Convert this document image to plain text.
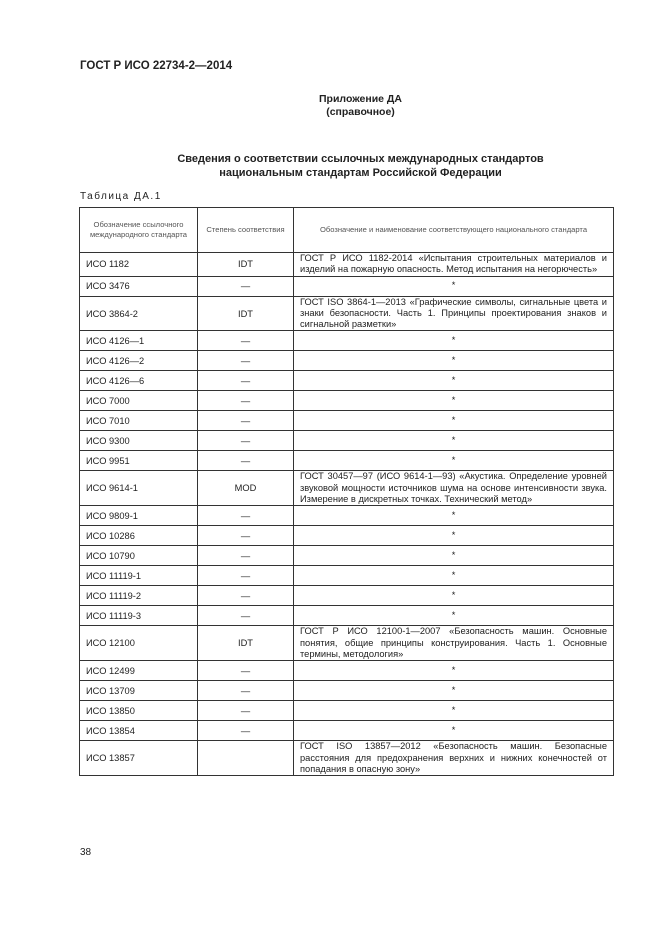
ГОСТ Р ИСО 22734-2—2014
Приложение ДА
(справочное)
Сведения о соответствии ссылочных международных стандартов
национальным стандартам Российской Федерации
Таблица ДА.1
Обозначение ссылочного международного стандарта	Степень соответствия	Обозначение и наименование соответствующего национального стандарта
ИСО 1182	IDT	ГОСТ Р ИСО 1182-2014 «Испытания строительных материалов и изделий на пожарную опасность. Метод испытания на негорючесть»
ИСО 3476	—	*
ИСО 3864-2	IDT	ГОСТ ISO 3864-1—2013 «Графические символы, сигнальные цвета и знаки безопасности. Часть 1. Принципы проектирования знаков и сигнальной разметки»
ИСО 4126—1	—	*
ИСО 4126—2	—	*
ИСО 4126—6	—	*
ИСО 7000	—	*
ИСО 7010	—	*
ИСО 9300	—	*
ИСО 9951	—	*
ИСО 9614-1	MOD	ГОСТ 30457—97 (ИСО 9614-1—93) «Акустика. Определение уровней звуковой мощности источников шума на основе интенсивности звука. Измерение в дискретных точках. Технический метод»
ИСО 9809-1	—	*
ИСО 10286	—	*
ИСО 10790	—	*
ИСО 11119-1	—	*
ИСО 11119-2	—	*
ИСО 11119-3	—	*
ИСО 12100	IDT	ГОСТ Р ИСО 12100-1—2007 «Безопасность машин. Основные понятия, общие принципы конструирования. Часть 1. Основные термины, методология»
ИСО 12499	—	*
ИСО 13709	—	*
ИСО 13850	—	*
ИСО 13854	—	*
ИСО 13857		ГОСТ ISO 13857—2012 «Безопасность машин. Безопасные расстояния для предохранения верхних и нижних конечностей от попадания в опасную зону»
38
